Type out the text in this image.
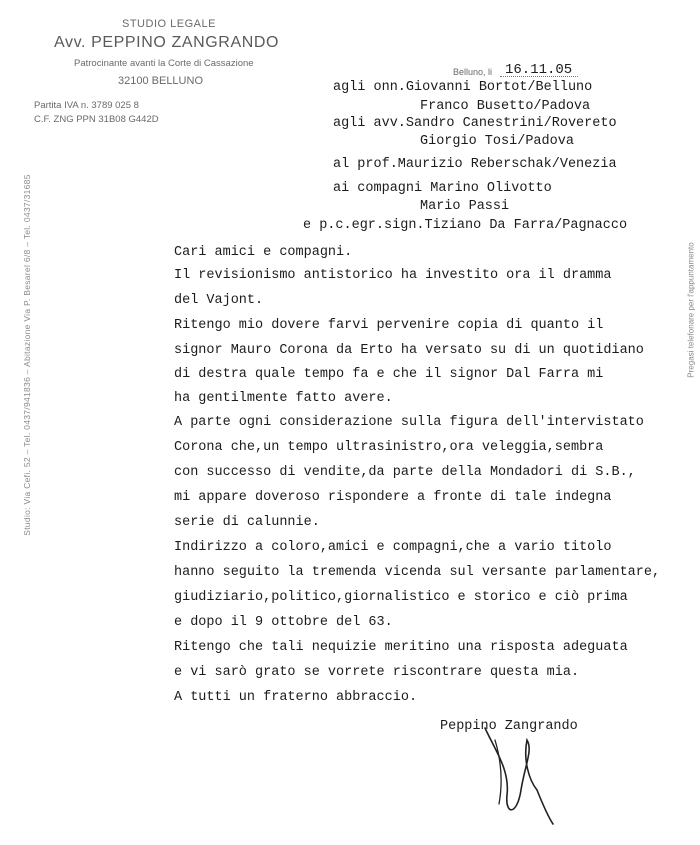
STUDIO LEGALE
Avv. PEPPINO ZANGRANDO
Patrocinante avanti la Corte di Cassazione
32100 BELLUNO
Partita IVA n. 3789 025 8
C.F. ZNG PPN 31B08 G442D
Studio: Via Cefi. 52 – Tel. 0437/941836 – Abitazione Via P. Besarel 6/8 – Tel. 0437/31685	Pregasi telefonare per l'appuntamento
Belluno, li 16.11.05
agli onn.Giovanni Bortot/Belluno
Franco Busetto/Padova
agli avv.Sandro Canestrini/Rovereto
Giorgio Tosi/Padova
al prof.Maurizio Reberschak/Venezia
ai compagni Marino Olivotto
Mario Passi
e p.c.egr.sign.Tiziano Da Farra/Pagnacco
Cari amici e compagni.
Il revisionismo antistorico ha investito ora il dramma
del Vajont.
Ritengo mio dovere farvi pervenire copia di quanto il
signor Mauro Corona da Erto ha versato su di un quotidiano
di destra quale tempo fa e che il signor Dal Farra mi
ha gentilmente fatto avere.
A parte ogni considerazione sulla figura dell'intervistato
Corona che,un tempo ultrasinistro,ora veleggia,sembra
con successo di vendite,da parte della Mondadori di S.B.,
mi appare doveroso rispondere a fronte di tale indegna
serie di calunnie.
Indirizzo a coloro,amici e compagni,che a vario titolo
hanno seguito la tremenda vicenda sul versante parlamentare,
giudiziario,politico,giornalistico e storico e ciò prima
e dopo il 9 ottobre del 63.
Ritengo che tali nequizie meritino una risposta adeguata
e vi sarò grato se vorrete riscontrare questa mia.
A tutti un fraterno abbraccio.
Peppino Zangrando
